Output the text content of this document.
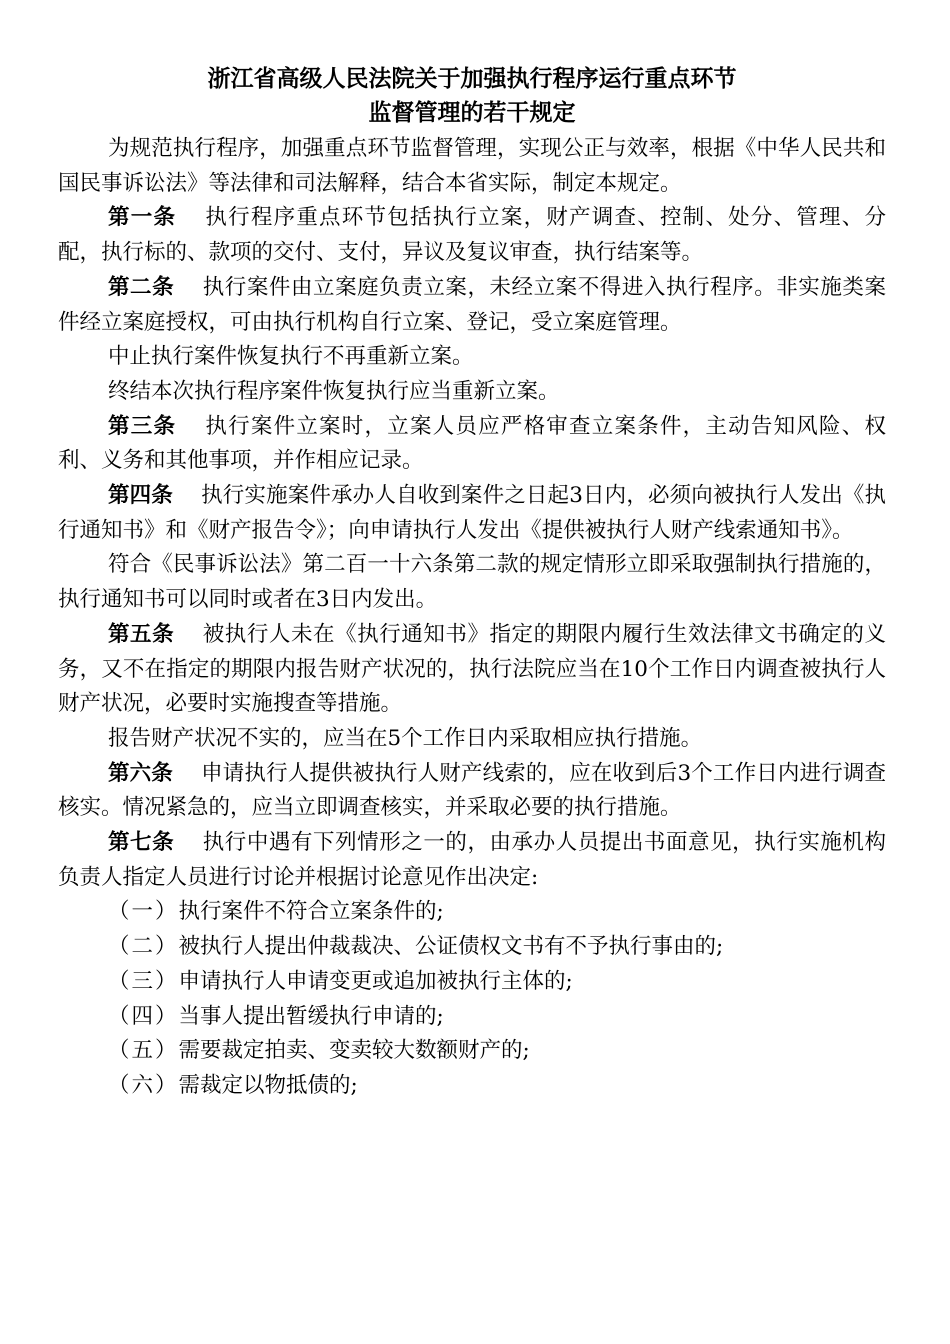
浙江省高级人民法院关于加强执行程序运行重点环节
监督管理的若干规定

为规范执行程序，加强重点环节监督管理，实现公正与效率，根据《中华人民共和国民事诉讼法》等法律和司法解释，结合本省实际，制定本规定。

第一条 执行程序重点环节包括执行立案，财产调查、控制、处分、管理、分配，执行标的、款项的交付、支付，异议及复议审查，执行结案等。

第二条 执行案件由立案庭负责立案，未经立案不得进入执行程序。非实施类案件经立案庭授权，可由执行机构自行立案、登记，受立案庭管理。

中止执行案件恢复执行不再重新立案。

终结本次执行程序案件恢复执行应当重新立案。

第三条 执行案件立案时，立案人员应严格审查立案条件，主动告知风险、权利、义务和其他事项，并作相应记录。

第四条 执行实施案件承办人自收到案件之日起3日内，必须向被执行人发出《执行通知书》和《财产报告令》；向申请执行人发出《提供被执行人财产线索通知书》。

符合《民事诉讼法》第二百一十六条第二款的规定情形立即采取强制执行措施的，执行通知书可以同时或者在3日内发出。

第五条 被执行人未在《执行通知书》指定的期限内履行生效法律文书确定的义务，又不在指定的期限内报告财产状况的，执行法院应当在10个工作日内调查被执行人财产状况，必要时实施搜查等措施。

报告财产状况不实的，应当在5个工作日内采取相应执行措施。

第六条 申请执行人提供被执行人财产线索的，应在收到后3个工作日内进行调查核实。情况紧急的，应当立即调查核实，并采取必要的执行措施。

第七条 执行中遇有下列情形之一的，由承办人员提出书面意见，执行实施机构负责人指定人员进行讨论并根据讨论意见作出决定:

（一）执行案件不符合立案条件的;

（二）被执行人提出仲裁裁决、公证债权文书有不予执行事由的;

（三）申请执行人申请变更或追加被执行主体的;

（四）当事人提出暂缓执行申请的;

（五）需要裁定拍卖、变卖较大数额财产的;

（六）需裁定以物抵债的;
